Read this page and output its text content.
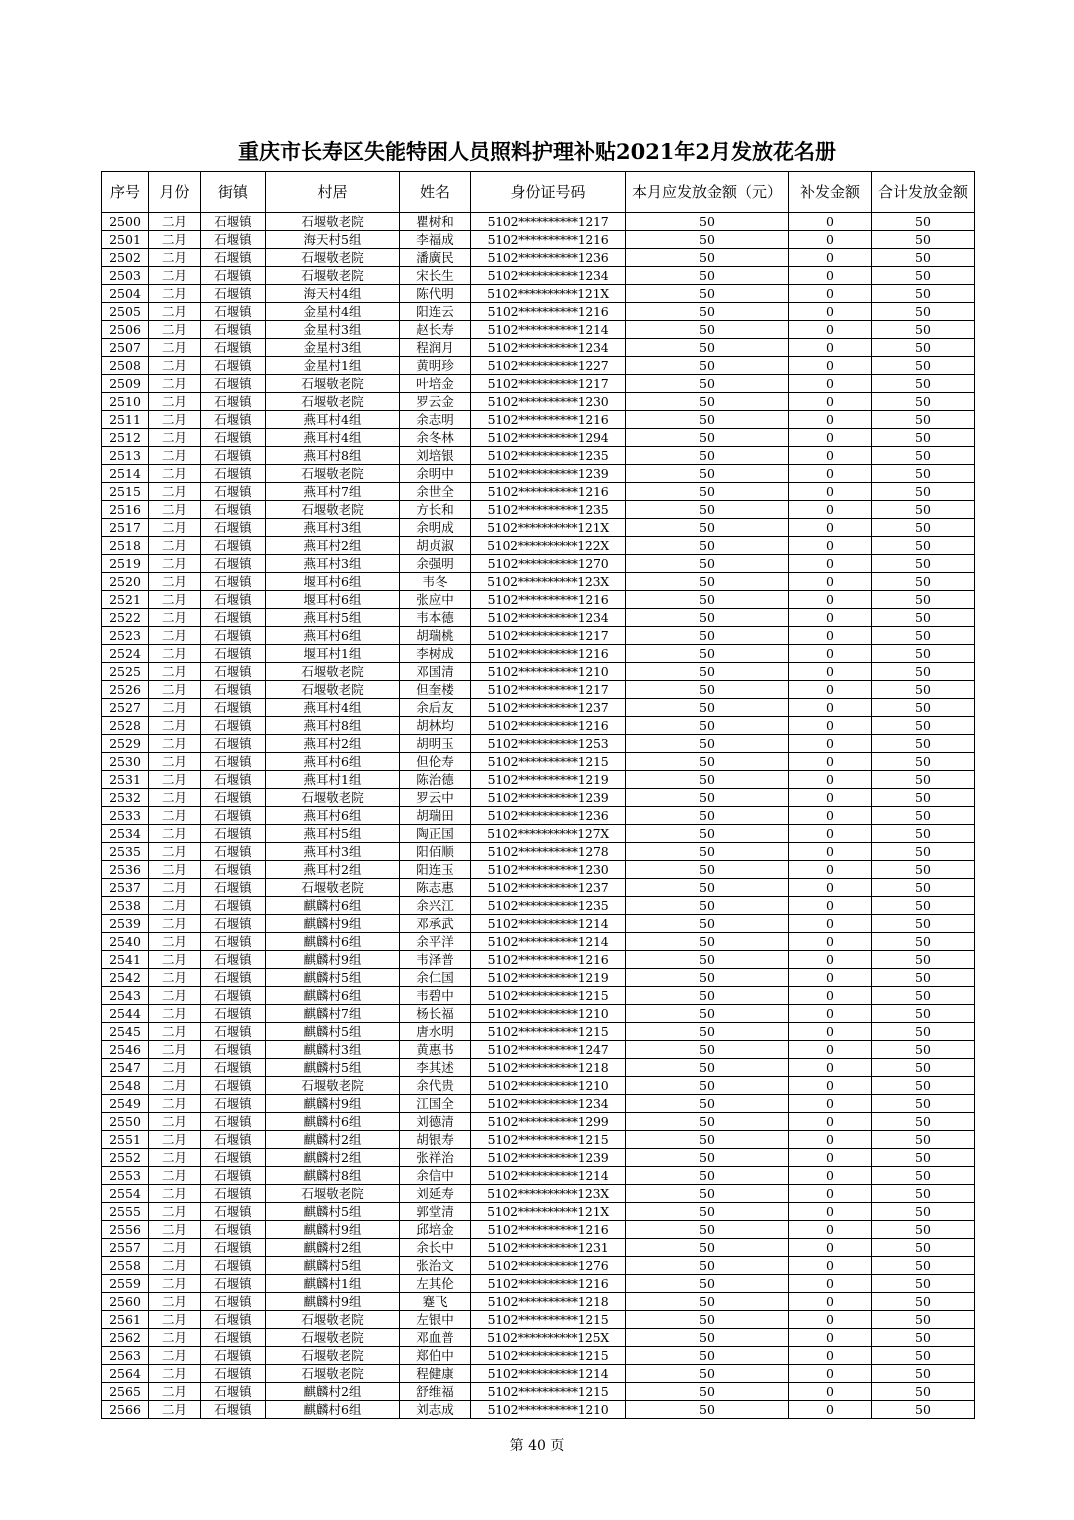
重庆市长寿区失能特困人员照料护理补贴2021年2月发放花名册
序号	月份	街镇	村居	姓名	身份证号码	本月应发放金额（元）	补发金额	合计发放金额
2500	二月	石堰镇	石堰敬老院	瞿树和	5102**********1217	50	0	50
2501	二月	石堰镇	海天村5组	李福成	5102**********1216	50	0	50
2502	二月	石堰镇	石堰敬老院	潘廣民	5102**********1236	50	0	50
2503	二月	石堰镇	石堰敬老院	宋长生	5102**********1234	50	0	50
2504	二月	石堰镇	海天村4组	陈代明	5102**********121X	50	0	50
2505	二月	石堰镇	金星村4组	阳连云	5102**********1216	50	0	50
2506	二月	石堰镇	金星村3组	赵长寿	5102**********1214	50	0	50
2507	二月	石堰镇	金星村3组	程润月	5102**********1234	50	0	50
2508	二月	石堰镇	金星村1组	黄明珍	5102**********1227	50	0	50
2509	二月	石堰镇	石堰敬老院	叶培金	5102**********1217	50	0	50
2510	二月	石堰镇	石堰敬老院	罗云金	5102**********1230	50	0	50
2511	二月	石堰镇	燕耳村4组	余志明	5102**********1216	50	0	50
2512	二月	石堰镇	燕耳村4组	余冬林	5102**********1294	50	0	50
2513	二月	石堰镇	燕耳村8组	刘培银	5102**********1235	50	0	50
2514	二月	石堰镇	石堰敬老院	余明中	5102**********1239	50	0	50
2515	二月	石堰镇	燕耳村7组	余世全	5102**********1216	50	0	50
2516	二月	石堰镇	石堰敬老院	方长和	5102**********1235	50	0	50
2517	二月	石堰镇	燕耳村3组	余明成	5102**********121X	50	0	50
2518	二月	石堰镇	燕耳村2组	胡贞淑	5102**********122X	50	0	50
2519	二月	石堰镇	燕耳村3组	余强明	5102**********1270	50	0	50
2520	二月	石堰镇	堰耳村6组	韦冬	5102**********123X	50	0	50
2521	二月	石堰镇	堰耳村6组	张应中	5102**********1216	50	0	50
2522	二月	石堰镇	燕耳村5组	韦本德	5102**********1234	50	0	50
2523	二月	石堰镇	燕耳村6组	胡瑞桃	5102**********1217	50	0	50
2524	二月	石堰镇	堰耳村1组	李树成	5102**********1216	50	0	50
2525	二月	石堰镇	石堰敬老院	邓国清	5102**********1210	50	0	50
2526	二月	石堰镇	石堰敬老院	但奎楼	5102**********1217	50	0	50
2527	二月	石堰镇	燕耳村4组	余后友	5102**********1237	50	0	50
2528	二月	石堰镇	燕耳村8组	胡林均	5102**********1216	50	0	50
2529	二月	石堰镇	燕耳村2组	胡明玉	5102**********1253	50	0	50
2530	二月	石堰镇	燕耳村6组	但伦寿	5102**********1215	50	0	50
2531	二月	石堰镇	燕耳村1组	陈治德	5102**********1219	50	0	50
2532	二月	石堰镇	石堰敬老院	罗云中	5102**********1239	50	0	50
2533	二月	石堰镇	燕耳村6组	胡瑞田	5102**********1236	50	0	50
2534	二月	石堰镇	燕耳村5组	陶正国	5102**********127X	50	0	50
2535	二月	石堰镇	燕耳村3组	阳佰顺	5102**********1278	50	0	50
2536	二月	石堰镇	燕耳村2组	阳连玉	5102**********1230	50	0	50
2537	二月	石堰镇	石堰敬老院	陈志惠	5102**********1237	50	0	50
2538	二月	石堰镇	麒麟村6组	余兴江	5102**********1235	50	0	50
2539	二月	石堰镇	麒麟村9组	邓承武	5102**********1214	50	0	50
2540	二月	石堰镇	麒麟村6组	余平洋	5102**********1214	50	0	50
2541	二月	石堰镇	麒麟村9组	韦泽普	5102**********1216	50	0	50
2542	二月	石堰镇	麒麟村5组	余仁国	5102**********1219	50	0	50
2543	二月	石堰镇	麒麟村6组	韦碧中	5102**********1215	50	0	50
2544	二月	石堰镇	麒麟村7组	杨长福	5102**********1210	50	0	50
2545	二月	石堰镇	麒麟村5组	唐水明	5102**********1215	50	0	50
2546	二月	石堰镇	麒麟村3组	黄惠书	5102**********1247	50	0	50
2547	二月	石堰镇	麒麟村5组	李其述	5102**********1218	50	0	50
2548	二月	石堰镇	石堰敬老院	余代贵	5102**********1210	50	0	50
2549	二月	石堰镇	麒麟村9组	江国全	5102**********1234	50	0	50
2550	二月	石堰镇	麒麟村6组	刘德清	5102**********1299	50	0	50
2551	二月	石堰镇	麒麟村2组	胡银寿	5102**********1215	50	0	50
2552	二月	石堰镇	麒麟村2组	张祥治	5102**********1239	50	0	50
2553	二月	石堰镇	麒麟村8组	余信中	5102**********1214	50	0	50
2554	二月	石堰镇	石堰敬老院	刘延寿	5102**********123X	50	0	50
2555	二月	石堰镇	麒麟村5组	郭堂清	5102**********121X	50	0	50
2556	二月	石堰镇	麒麟村9组	邱培金	5102**********1216	50	0	50
2557	二月	石堰镇	麒麟村2组	余长中	5102**********1231	50	0	50
2558	二月	石堰镇	麒麟村5组	张治文	5102**********1276	50	0	50
2559	二月	石堰镇	麒麟村1组	左其伦	5102**********1216	50	0	50
2560	二月	石堰镇	麒麟村9组	蹇飞	5102**********1218	50	0	50
2561	二月	石堰镇	石堰敬老院	左银中	5102**********1215	50	0	50
2562	二月	石堰镇	石堰敬老院	邓血普	5102**********125X	50	0	50
2563	二月	石堰镇	石堰敬老院	郑伯中	5102**********1215	50	0	50
2564	二月	石堰镇	石堰敬老院	程健康	5102**********1214	50	0	50
2565	二月	石堰镇	麒麟村2组	舒维福	5102**********1215	50	0	50
2566	二月	石堰镇	麒麟村6组	刘志成	5102**********1210	50	0	50
第 40 页
